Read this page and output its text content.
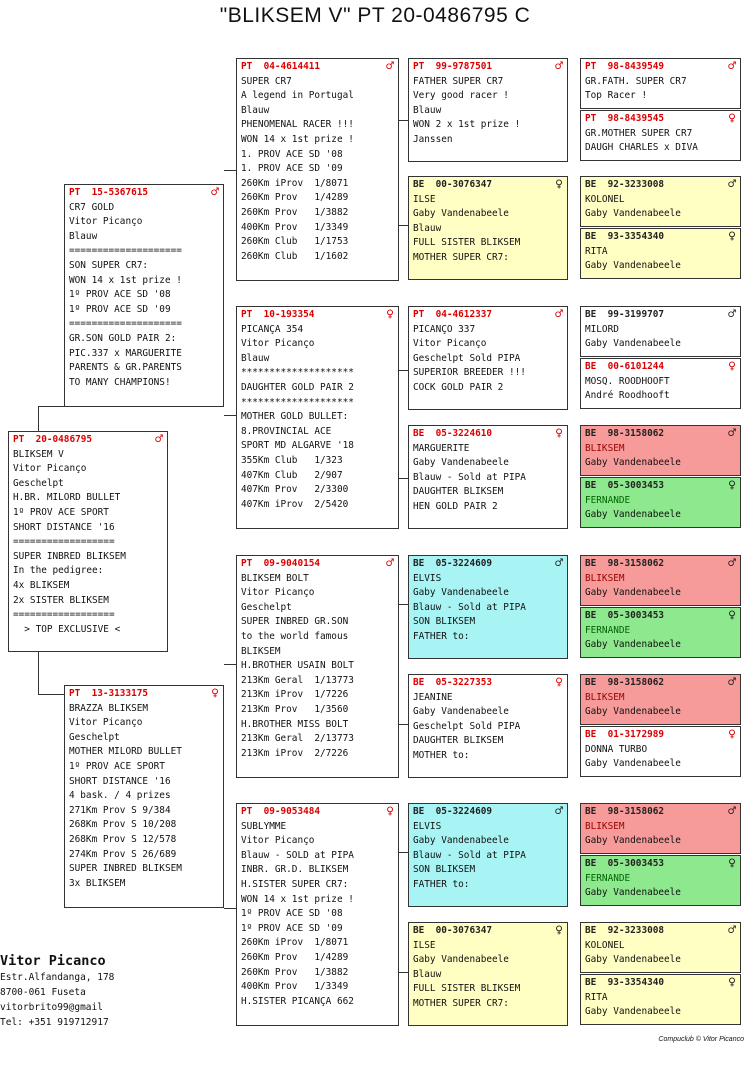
"BLIKSEM V" PT 20-0486795 C
PT  20-0486795	♂
BLIKSEM V
Vitor Picanço
Geschelpt
H.BR. MILORD BULLET
1º PROV ACE SPORT
SHORT DISTANCE '16
==================
SUPER INBRED BLIKSEM
In the pedigree:
4x BLIKSEM
2x SISTER BLIKSEM
==================
> TOP EXCLUSIVE <
PT  15-5367615	♂
CR7 GOLD
Vitor Picanço
Blauw
====================
SON SUPER CR7:
WON 14 x 1st prize !
1º PROV ACE SD '08
1º PROV ACE SD '09
====================
GR.SON GOLD PAIR 2:
PIC.337 x MARGUERITE
PARENTS & GR.PARENTS
TO MANY CHAMPIONS!
PT  13-3133175	♀
BRAZZA BLIKSEM
Vitor Picanço
Geschelpt
MOTHER MILORD BULLET
1º PROV ACE SPORT
SHORT DISTANCE '16
4 bask. / 4 prizes
271Km Prov S 9/384
268Km Prov S 10/208
268Km Prov S 12/578
274Km Prov S 26/689
SUPER INBRED BLIKSEM
3x BLIKSEM
PT  04-4614411	♂
SUPER CR7
A legend in Portugal
Blauw
PHENOMENAL RACER !!!
WON 14 x 1st prize !
1. PROV ACE SD '08
1. PROV ACE SD '09
260Km iProv  1/8071
260Km Prov   1/4289
260Km Prov   1/3882
400Km Prov   1/3349
260Km Club   1/1753
260Km Club   1/1602
PT  10-193354	♀
PICANÇA 354
Vitor Picanço
Blauw
********************
DAUGHTER GOLD PAIR 2
********************
MOTHER GOLD BULLET:
8.PROVINCIAL ACE
SPORT MD ALGARVE '18
355Km Club   1/323
407Km Club   2/907
407Km Prov   2/3300
407Km iProv  2/5420
PT  09-9040154	♂
BLIKSEM BOLT
Vitor Picanço
Geschelpt
SUPER INBRED GR.SON
to the world famous
BLIKSEM
H.BROTHER USAIN BOLT
213Km Geral  1/13773
213Km iProv  1/7226
213Km Prov   1/3560
H.BROTHER MISS BOLT
213Km Geral  2/13773
213Km iProv  2/7226
PT  09-9053484	♀
SUBLYMME
Vitor Picanço
Blauw - SOLD at PIPA
INBR. GR.D. BLIKSEM
H.SISTER SUPER CR7:
WON 14 x 1st prize !
1º PROV ACE SD '08
1º PROV ACE SD '09
260Km iProv  1/8071
260Km Prov   1/4289
260Km Prov   1/3882
400Km Prov   1/3349
H.SISTER PICANÇA 662
PT  99-9787501	♂
FATHER SUPER CR7
Very good racer !
Blauw
WON 2 x 1st prize !
Janssen
BE  00-3076347	♀
ILSE
Gaby Vandenabeele
Blauw
FULL SISTER BLIKSEM
MOTHER SUPER CR7:
PT  04-4612337	♂
PICANÇO 337
Vitor Picanço
Geschelpt Sold PIPA
SUPERIOR BREEDER !!!
COCK GOLD PAIR 2
BE  05-3224610	♀
MARGUERITE
Gaby Vandenabeele
Blauw - Sold at PIPA
DAUGHTER BLIKSEM
HEN GOLD PAIR 2
BE  05-3224609	♂
ELVIS
Gaby Vandenabeele
Blauw - Sold at PIPA
SON BLIKSEM
FATHER to:
BE  05-3227353	♀
JEANINE
Gaby Vandenabeele
Geschelpt Sold PIPA
DAUGHTER BLIKSEM
MOTHER to:
BE  05-3224609	♂
ELVIS
Gaby Vandenabeele
Blauw - Sold at PIPA
SON BLIKSEM
FATHER to:
BE  00-3076347	♀
ILSE
Gaby Vandenabeele
Blauw
FULL SISTER BLIKSEM
MOTHER SUPER CR7:
PT  98-8439549	♂
GR.FATH. SUPER CR7
Top Racer !
PT  98-8439545	♀
GR.MOTHER SUPER CR7
DAUGH CHARLES x DIVA
BE  92-3233008	♂
KOLONEL
Gaby Vandenabeele
BE  93-3354340	♀
RITA
Gaby Vandenabeele
BE  99-3199707	♂
MILORD
Gaby Vandenabeele
BE  00-6101244	♀
MOSQ. ROODHOOFT
André Roodhooft
BE  98-3158062	♂
BLIKSEM
Gaby Vandenabeele
BE  05-3003453	♀
FERNANDE
Gaby Vandenabeele
BE  98-3158062	♂
BLIKSEM
Gaby Vandenabeele
BE  05-3003453	♀
FERNANDE
Gaby Vandenabeele
BE  98-3158062	♂
BLIKSEM
Gaby Vandenabeele
BE  01-3172989	♀
DONNA TURBO
Gaby Vandenabeele
BE  98-3158062	♂
BLIKSEM
Gaby Vandenabeele
BE  05-3003453	♀
FERNANDE
Gaby Vandenabeele
BE  92-3233008	♂
KOLONEL
Gaby Vandenabeele
BE  93-3354340	♀
RITA
Gaby Vandenabeele
Vitor Picanco
Estr.Alfandanga, 178
8700-061 Fuseta
vitorbrito99@gmail
Tel: +351 919712917
Compuclub © Vitor Picanco
